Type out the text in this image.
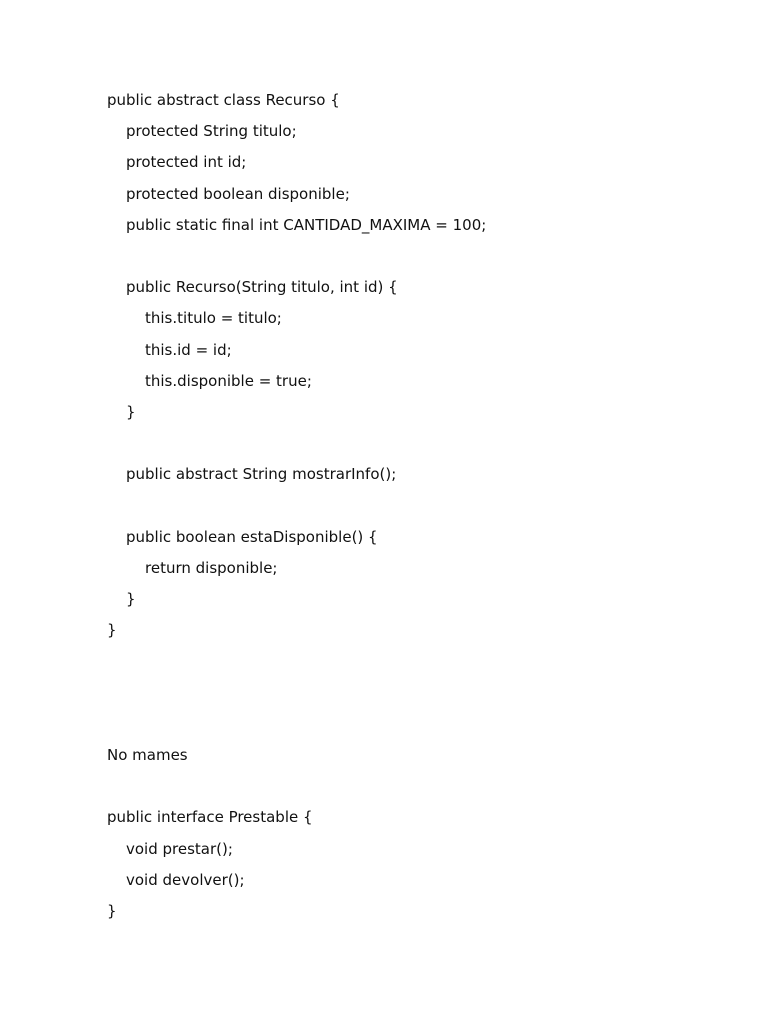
public abstract class Recurso {
protected String titulo;
protected int id;
protected boolean disponible;
public static final int CANTIDAD_MAXIMA = 100;
public Recurso(String titulo, int id) {
this.titulo = titulo;
this.id = id;
this.disponible = true;
}
public abstract String mostrarInfo();
public boolean estaDisponible() {
return disponible;
}
}
No mames
public interface Prestable {
void prestar();
void devolver();
}
